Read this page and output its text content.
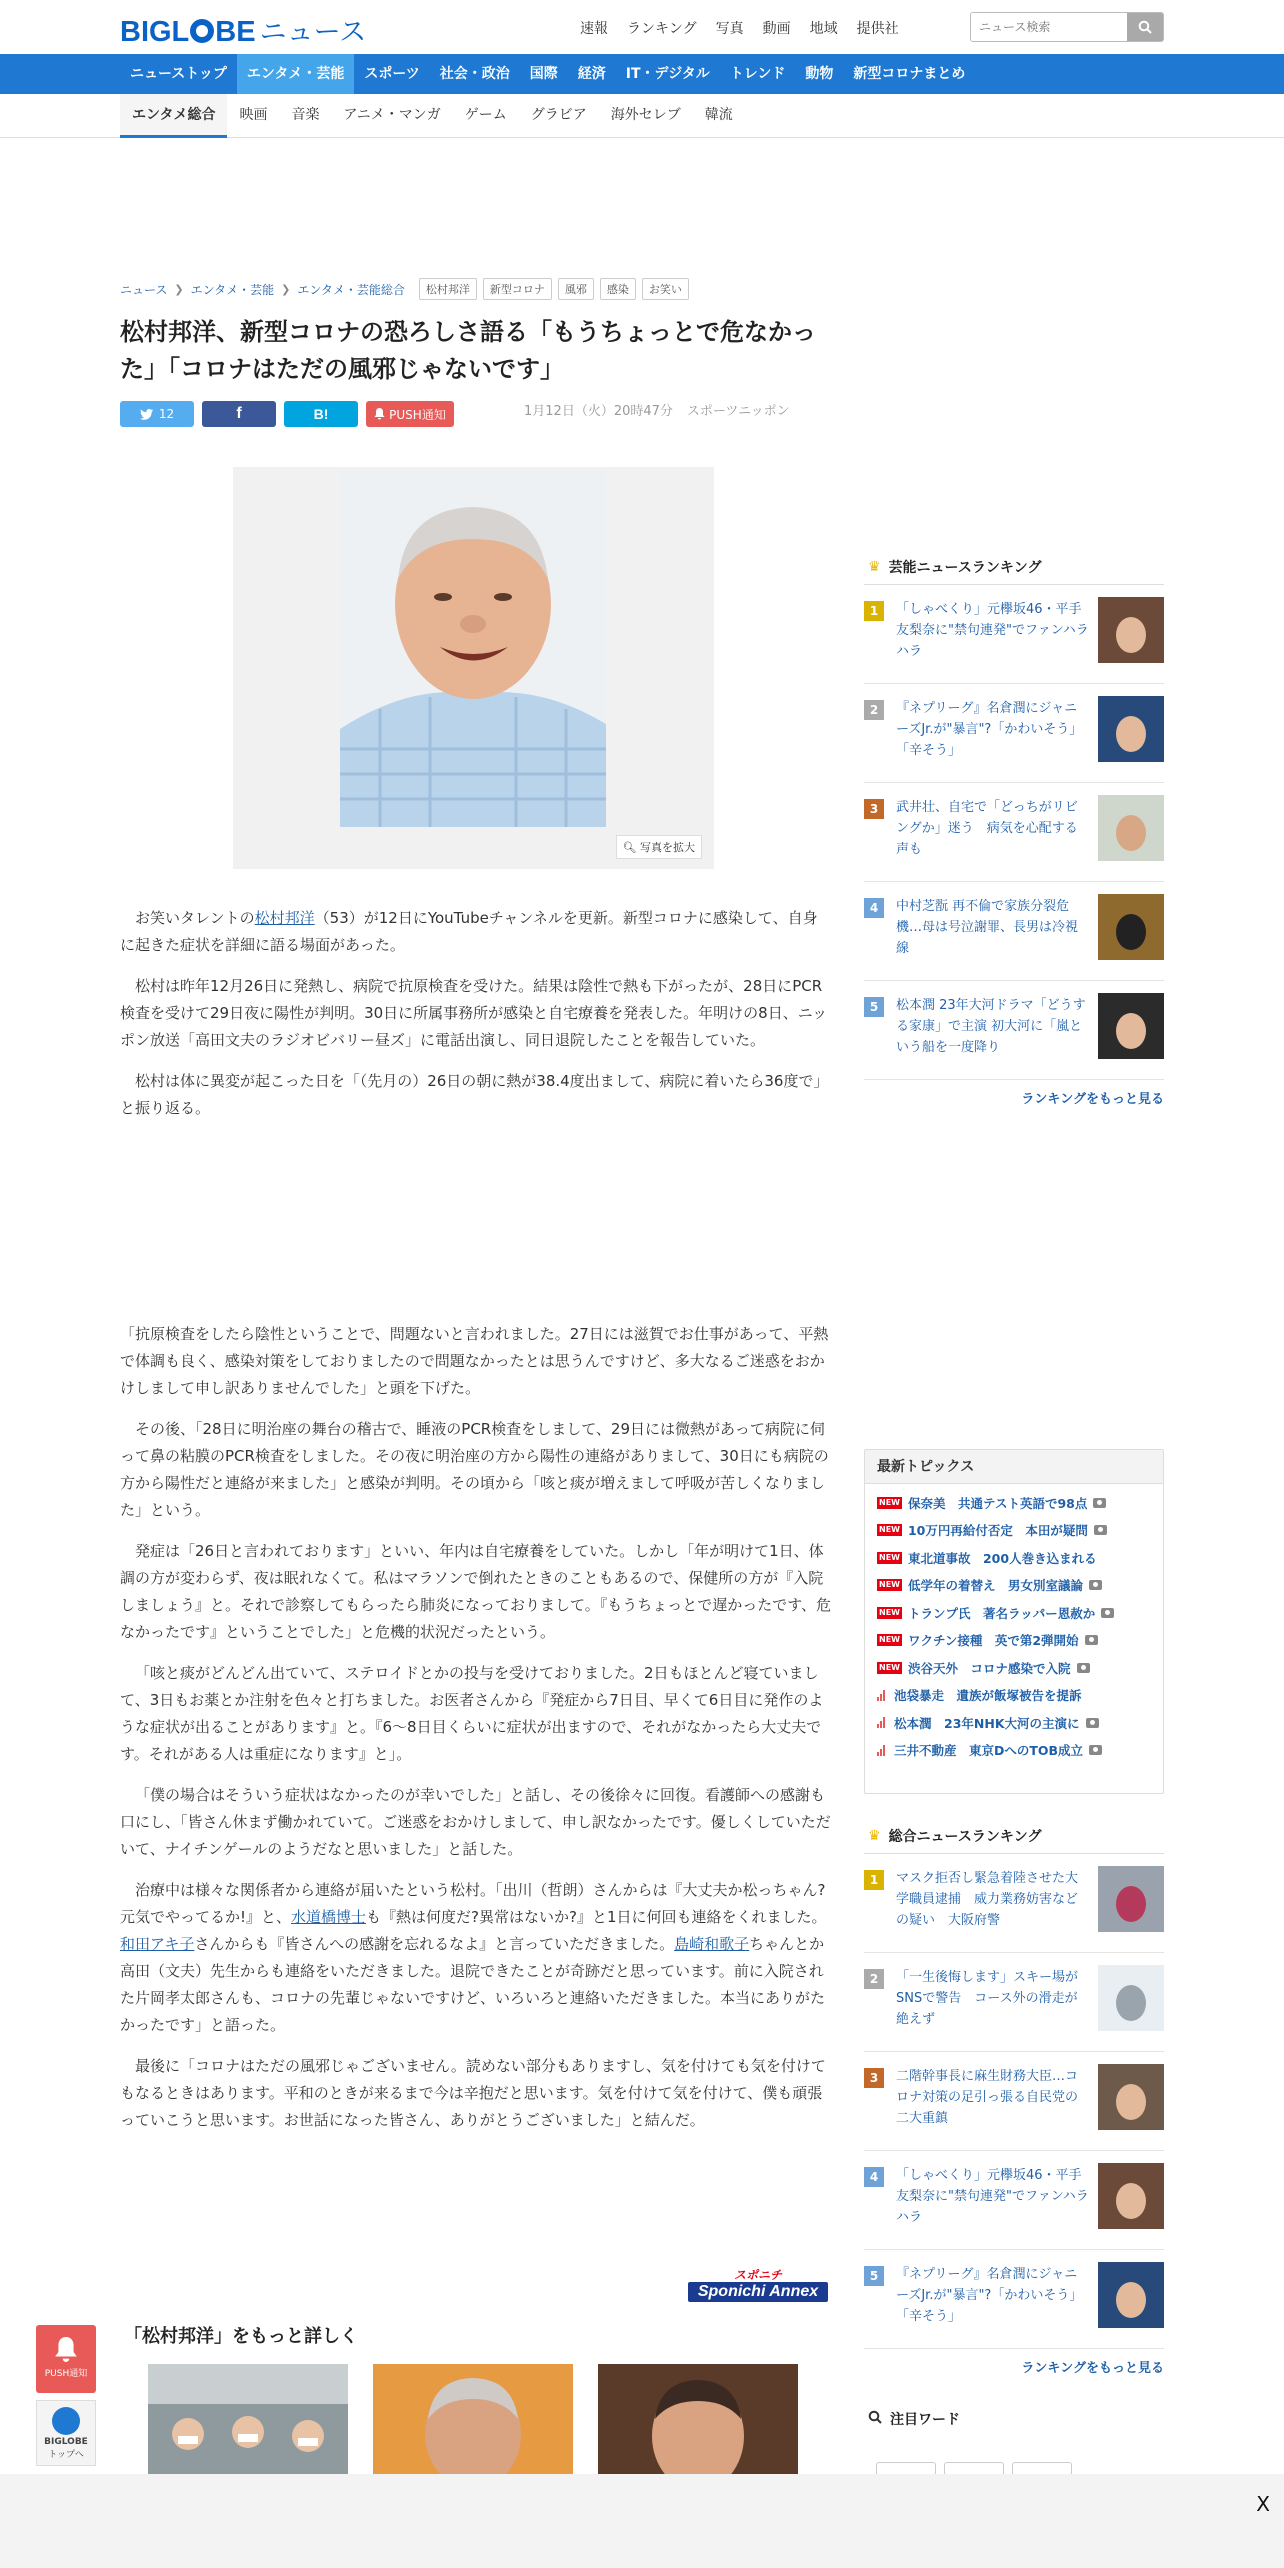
BIGL BE ニュース	速報 ランキング 写真 動画 地域 提供社
ニュース検索
ニューストップ	エンタメ・芸能	スポーツ	社会・政治	国際	経済	IT・デジタル	トレンド	動物	新型コロナまとめ
エンタメ総合	映画	音楽	アニメ・マンガ	ゲーム	グラビア	海外セレブ	韓流
ニュース ❯ エンタメ・芸能 ❯ エンタメ・芸能総合	松村邦洋	新型コロナ	風邪	感染	お笑い
松村邦洋、新型コロナの恐ろしさ語る「もうちょっとで危なかった」「コロナはただの風邪じゃないです」
12	f	B!	PUSH通知	1月12日（火）20時47分 スポーツニッポン
🔍︎ 写真を拡大

お笑いタレントの松村邦洋（53）が12日にYouTubeチャンネルを更新。新型コロナに感染して、自身に起きた症状を詳細に語る場面があった。

松村は昨年12月26日に発熱し、病院で抗原検査を受けた。結果は陰性で熱も下がったが、28日にPCR検査を受けて29日夜に陽性が判明。30日に所属事務所が感染と自宅療養を発表した。年明けの8日、ニッポン放送「高田文夫のラジオビバリー昼ズ」に電話出演し、同日退院したことを報告していた。

松村は体に異変が起こった日を「（先月の）26日の朝に熱が38.4度出まして、病院に着いたら36度で」と振り返る。

「抗原検査をしたら陰性ということで、問題ないと言われました。27日には滋賀でお仕事があって、平熱で体調も良く、感染対策をしておりましたので問題なかったとは思うんですけど、多大なるご迷惑をおかけしまして申し訳ありませんでした」と頭を下げた。

その後、「28日に明治座の舞台の稽古で、睡液のPCR検査をしまして、29日には微熱があって病院に伺って鼻の粘膜のPCR検査をしました。その夜に明治座の方から陽性の連絡がありまして、30日にも病院の方から陽性だと連絡が来ました」と感染が判明。その頃から「咳と痰が増えまして呼吸が苦しくなりました」という。

発症は「26日と言われております」といい、年内は自宅療養をしていた。しかし「年が明けて1日、体調の方が変わらず、夜は眠れなくて。私はマラソンで倒れたときのこともあるので、保健所の方が『入院しましょう』と。それで診察してもらったら肺炎になっておりまして。『もうちょっとで遅かったです、危なかったです』ということでした」と危機的状況だったという。

「咳と痰がどんどん出ていて、ステロイドとかの投与を受けておりました。2日もほとんど寝ていまして、3日もお薬とか注射を色々と打ちました。お医者さんから『発症から7日目、早くて6日目に発作のような症状が出ることがあります』と。『6〜8日目くらいに症状が出ますので、それがなかったら大丈夫です。それがある人は重症になります』と」。

「僕の場合はそういう症状はなかったのが幸いでした」と話し、その後徐々に回復。看護師への感謝も口にし、「皆さん休まず働かれていて。ご迷惑をおかけしまして、申し訳なかったです。優しくしていただいて、ナイチンゲールのようだなと思いました」と話した。

治療中は様々な関係者から連絡が届いたという松村。「出川（哲朗）さんからは『大丈夫か松っちゃん?元気でやってるか!』と、水道橋博士も『熱は何度だ?異常はないか?』と1日に何回も連絡をくれました。和田アキ子さんからも『皆さんへの感謝を忘れるなよ』と言っていただきました。島崎和歌子ちゃんとか高田（文夫）先生からも連絡をいただきました。退院できたことが奇跡だと思っています。前に入院された片岡孝太郎さんも、コロナの先輩じゃないですけど、いろいろと連絡いただきました。本当にありがたかったです」と語った。

最後に「コロナはただの風邪じゃございません。読めない部分もありますし、気を付けても気を付けてもなるときはあります。平和のときが来るまで今は辛抱だと思います。気を付けて気を付けて、僕も頑張っていこうと思います。お世話になった皆さん、ありがとうございました」と結んだ。

スポニチ
Sponichi Annex
「松村邦洋」をもっと詳しく
PUSH通知
BIGLOBE
トップへ
♛ 芸能ニュースランキング
1	「しゃべくり」元欅坂46・平手友梨奈に"禁句連発"でファンハラハラ
2	『ネプリーグ』名倉潤にジャニーズJr.が"暴言"?「かわいそう」「辛そう」
3	武井壮、自宅で「どっちがリビングか」迷う　病気を心配する声も
4	中村芝翫 再不倫で家族分裂危機…母は号泣謝罪、長男は冷視線
5	松本潤 23年大河ドラマ「どうする家康」で主演 初大河に「嵐という船を一度降り
ランキングをもっと見る
最新トピックス
NEW 保奈美　共通テスト英語で98点
NEW 10万円再給付否定　本田が疑問
NEW 東北道事故　200人巻き込まれる
NEW 低学年の着替え　男女別室議論
NEW トランプ氏　著名ラッパー恩赦か
NEW ワクチン接種　英で第2弾開始
NEW 渋谷天外　コロナ感染で入院
池袋暴走　遺族が飯塚被告を提訴
松本潤　23年NHK大河の主演に
三井不動産　東京DへのTOB成立
♛ 総合ニュースランキング
1	マスク拒否し緊急着陸させた大学職員逮捕　威力業務妨害などの疑い　大阪府警
2	「一生後悔します」スキー場がSNSで警告　コース外の滑走が絶えず
3	二階幹事長に麻生財務大臣…コロナ対策の足引っ張る自民党の二大重鎮
4	「しゃべくり」元欅坂46・平手友梨奈に"禁句連発"でファンハラハラ
5	『ネプリーグ』名倉潤にジャニーズJr.が"暴言"?「かわいそう」「辛そう」
ランキングをもっと見る
注目ワード
X
